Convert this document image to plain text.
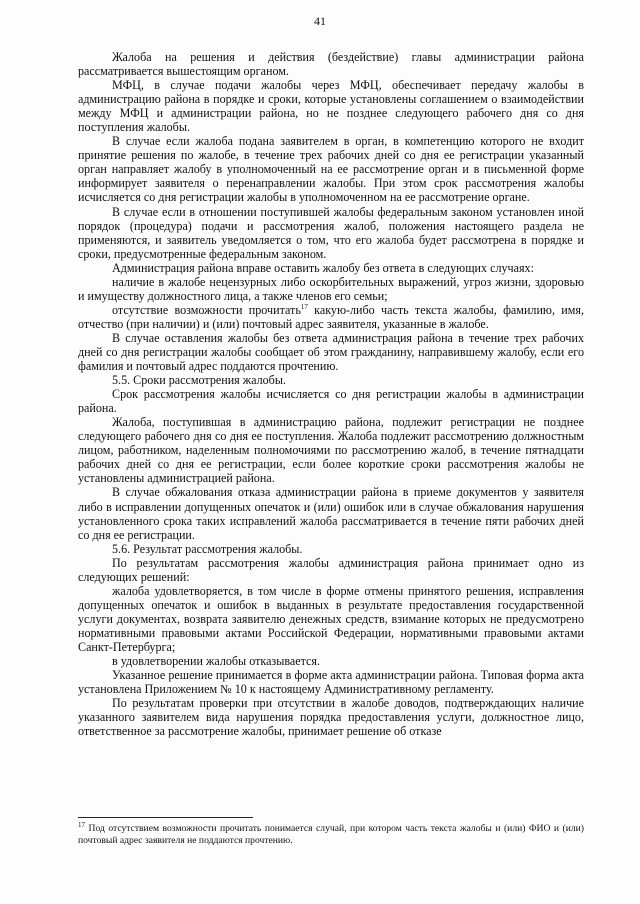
41

Жалоба на решения и действия (бездействие) главы администрации района рассматривается вышестоящим органом.

МФЦ, в случае подачи жалобы через МФЦ, обеспечивает передачу жалобы в администрацию района в порядке и сроки, которые установлены соглашением о взаимодействии между МФЦ и администрации района, но не позднее следующего рабочего дня со дня поступления жалобы.

В случае если жалоба подана заявителем в орган, в компетенцию которого не входит принятие решения по жалобе, в течение трех рабочих дней со дня ее регистрации указанный орган направляет жалобу в уполномоченный на ее рассмотрение орган и в письменной форме информирует заявителя о перенаправлении жалобы. При этом срок рассмотрения жалобы исчисляется со дня регистрации жалобы в уполномоченном на ее рассмотрение органе.

В случае если в отношении поступившей жалобы федеральным законом установлен иной порядок (процедура) подачи и рассмотрения жалоб, положения настоящего раздела не применяются, и заявитель уведомляется о том, что его жалоба будет рассмотрена в порядке и сроки, предусмотренные федеральным законом.

Администрация района вправе оставить жалобу без ответа в следующих случаях:

наличие в жалобе нецензурных либо оскорбительных выражений, угроз жизни, здоровью и имуществу должностного лица, а также членов его семьи;

отсутствие возможности прочитать$^{17}$ какую-либо часть текста жалобы, фамилию, имя, отчество (при наличии) и (или) почтовый адрес заявителя, указанные в жалобе.

В случае оставления жалобы без ответа администрация района в течение трех рабочих дней со дня регистрации жалобы сообщает об этом гражданину, направившему жалобу, если его фамилия и почтовый адрес поддаются прочтению.

5.5. Сроки рассмотрения жалобы.

Срок рассмотрения жалобы исчисляется со дня регистрации жалобы в администрации района.

Жалоба, поступившая в администрацию района, подлежит регистрации не позднее следующего рабочего дня со дня ее поступления. Жалоба подлежит рассмотрению должностным лицом, работником, наделенным полномочиями по рассмотрению жалоб, в течение пятнадцати рабочих дней со дня ее регистрации, если более короткие сроки рассмотрения жалобы не установлены администрацией района.

В случае обжалования отказа администрации района в приеме документов у заявителя либо в исправлении допущенных опечаток и (или) ошибок или в случае обжалования нарушения установленного срока таких исправлений жалоба рассматривается в течение пяти рабочих дней со дня ее регистрации.

5.6. Результат рассмотрения жалобы.

По результатам рассмотрения жалобы администрация района принимает одно из следующих решений:

жалоба удовлетворяется, в том числе в форме отмены принятого решения, исправления допущенных опечаток и ошибок в выданных в результате предоставления государственной услуги документах, возврата заявителю денежных средств, взимание которых не предусмотрено нормативными правовыми актами Российской Федерации, нормативными правовыми актами Санкт-Петербурга;

в удовлетворении жалобы отказывается.

Указанное решение принимается в форме акта администрации района. Типовая форма акта установлена Приложением № 10 к настоящему Административному регламенту.

По результатам проверки при отсутствии в жалобе доводов, подтверждающих наличие указанного заявителем вида нарушения порядка предоставления услуги, должностное лицо, ответственное за рассмотрение жалобы, принимает решение об отказе

$^{17}$ Под отсутствием возможности прочитать понимается случай, при котором часть текста жалобы и (или) ФИО и (или) почтовый адрес заявителя не поддаются прочтению.
